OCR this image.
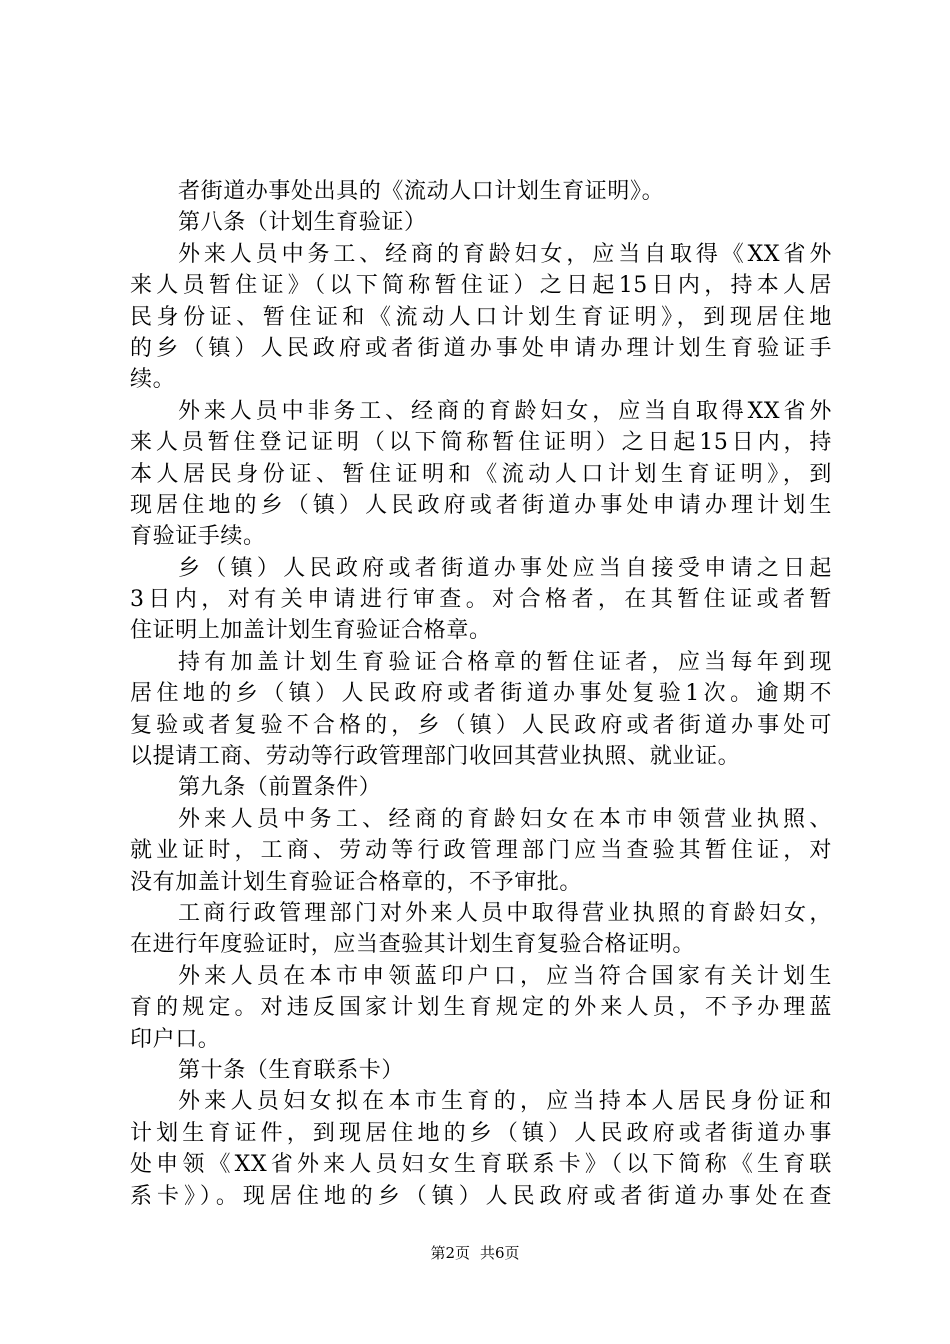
者街道办事处出具的《流动人口计划生育证明》。
第八条（计划生育验证）
外来人员中务工、经商的育龄妇女，应当自取得《XX省外
来人员暂住证》（以下简称暂住证）之日起15日内，持本人居
民身份证、暂住证和《流动人口计划生育证明》，到现居住地
的乡（镇）人民政府或者街道办事处申请办理计划生育验证手
续。
外来人员中非务工、经商的育龄妇女，应当自取得XX省外
来人员暂住登记证明（以下简称暂住证明）之日起15日内，持
本人居民身份证、暂住证明和《流动人口计划生育证明》，到
现居住地的乡（镇）人民政府或者街道办事处申请办理计划生
育验证手续。
乡（镇）人民政府或者街道办事处应当自接受申请之日起
3日内，对有关申请进行审查。对合格者，在其暂住证或者暂
住证明上加盖计划生育验证合格章。
持有加盖计划生育验证合格章的暂住证者，应当每年到现
居住地的乡（镇）人民政府或者街道办事处复验1次。逾期不
复验或者复验不合格的，乡（镇）人民政府或者街道办事处可
以提请工商、劳动等行政管理部门收回其营业执照、就业证。
第九条（前置条件）
外来人员中务工、经商的育龄妇女在本市申领营业执照、
就业证时，工商、劳动等行政管理部门应当查验其暂住证，对
没有加盖计划生育验证合格章的，不予审批。
工商行政管理部门对外来人员中取得营业执照的育龄妇女，
在进行年度验证时，应当查验其计划生育复验合格证明。
外来人员在本市申领蓝印户口，应当符合国家有关计划生
育的规定。对违反国家计划生育规定的外来人员，不予办理蓝
印户口。
第十条（生育联系卡）
外来人员妇女拟在本市生育的，应当持本人居民身份证和
计划生育证件，到现居住地的乡（镇）人民政府或者街道办事
处申领《XX省外来人员妇女生育联系卡》（以下简称《生育联
系卡》）。现居住地的乡（镇）人民政府或者街道办事处在查
第2页 共6页
